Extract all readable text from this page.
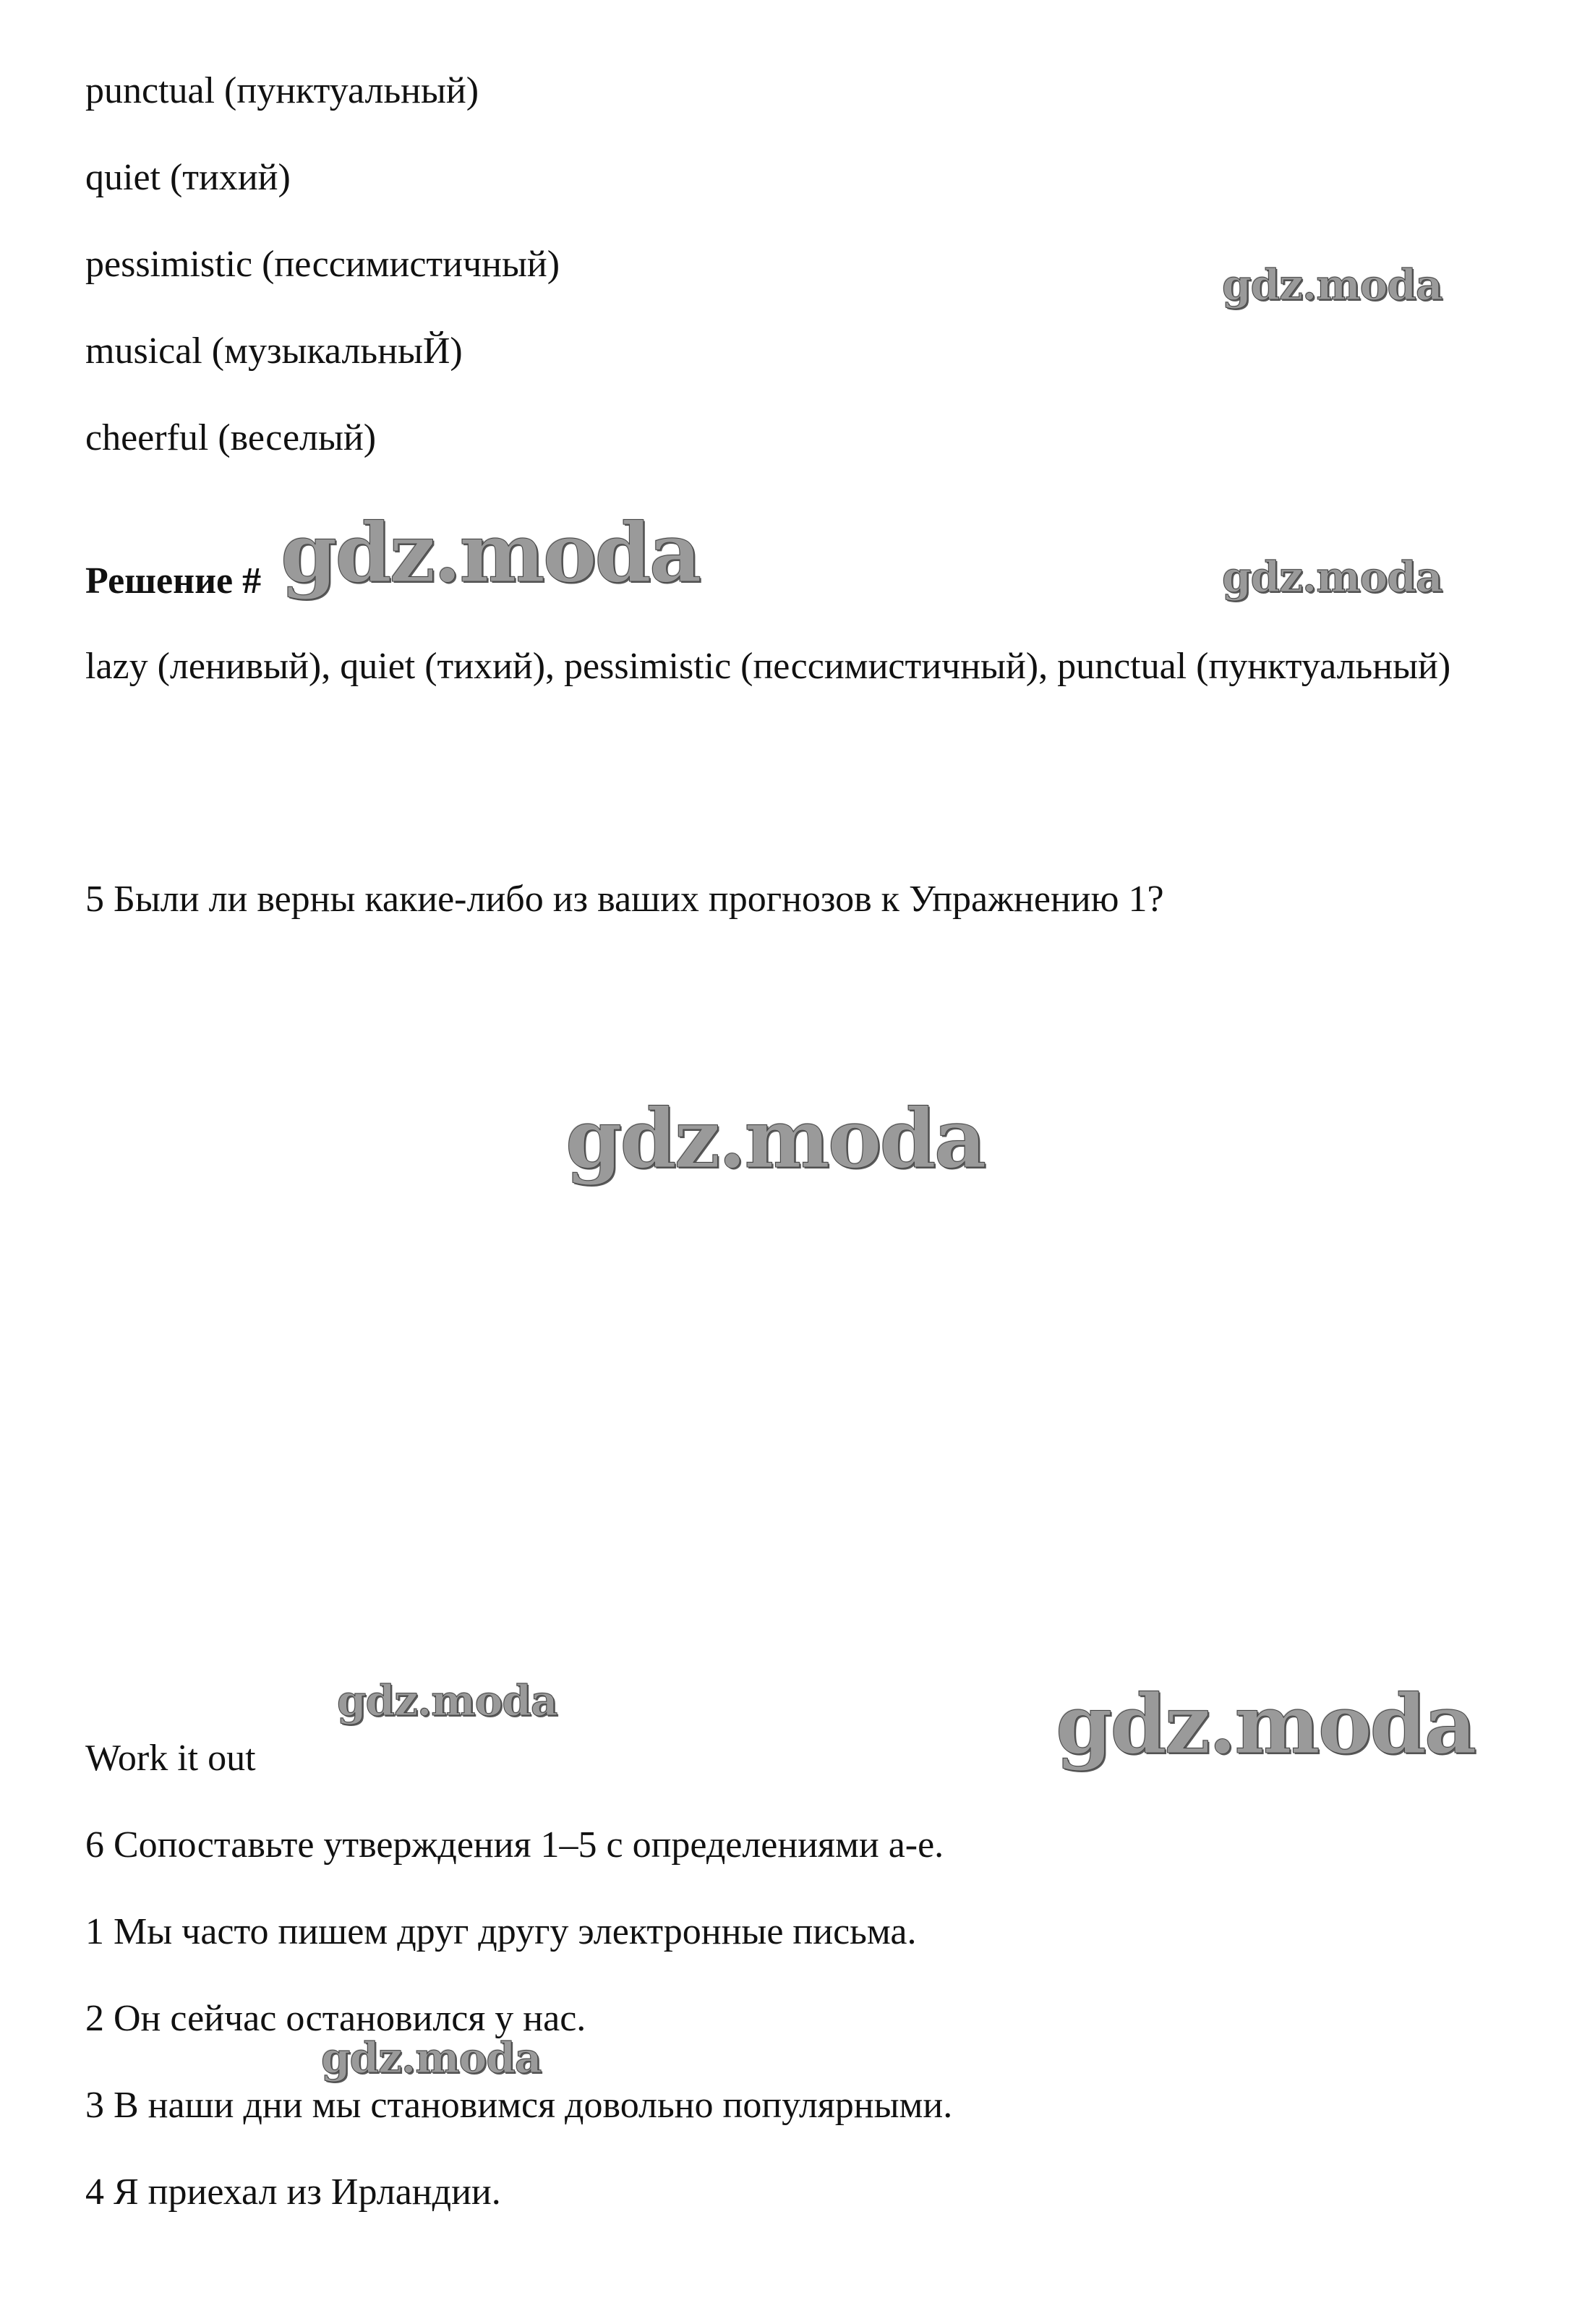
punctual (пунктуальный)
quiet (тихий)
pessimistic (пессимистичный)
musical (музыкальныЙ)
cheerful (веселый)
Решение #
lazy (ленивый), quiet (тихий), pessimistic (пессимистичный), punctual (пунктуальный)
5 Были ли верны какие-либо из ваших прогнозов к Упражнению 1?
Work it out
6 Сопоставьте утверждения 1–5 с определениями a-e.
1 Мы часто пишем друг другу электронные письма.
2 Он сейчас остановился у нас.
3 В наши дни мы становимся довольно популярными.
4 Я приехал из Ирландии.
gdz.moda
gdz.moda	gdz.moda
gdz.moda
gdz.moda	gdz.moda
gdz.moda
